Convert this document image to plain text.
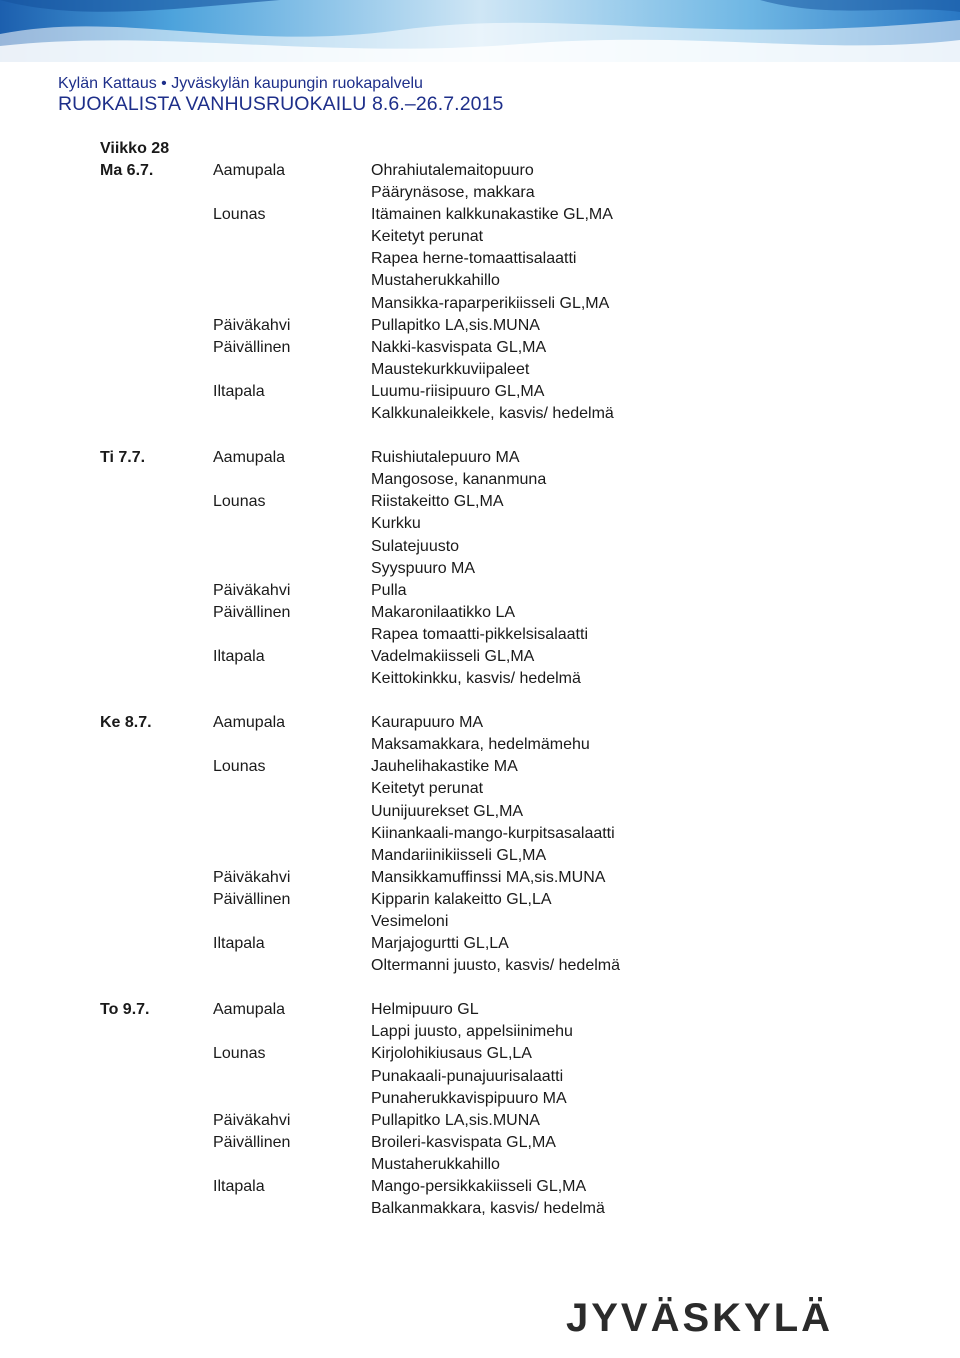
Kylän Kattaus • Jyväskylän kaupungin ruokapalvelu
RUOKALISTA VANHUSRUOKAILU 8.6.–26.7.2015
Viikko 28
Ma 6.7.	Aamupala	Ohrahiutalemaitopuuro
Päärynäsose, makkara
Lounas	Itämainen kalkkunakastike GL,MA
Keitetyt perunat
Rapea herne-tomaattisalaatti
Mustaherukkahillo
Mansikka-raparperikiisseli GL,MA
Päiväkahvi	Pullapitko LA,sis.MUNA
Päivällinen	Nakki-kasvispata GL,MA
Maustekurkkuviipaleet
Iltapala	Luumu-riisipuuro GL,MA
Kalkkunaleikkele, kasvis/ hedelmä
Ti 7.7.	Aamupala	Ruishiutalepuuro MA
Mangosose, kananmuna
Lounas	Riistakeitto GL,MA
Kurkku
Sulatejuusto
Syyspuuro MA
Päiväkahvi	Pulla
Päivällinen	Makaronilaatikko LA
Rapea tomaatti-pikkelsisalaatti
Iltapala	Vadelmakiisseli GL,MA
Keittokinkku, kasvis/ hedelmä
Ke 8.7.	Aamupala	Kaurapuuro MA
Maksamakkara, hedelmämehu
Lounas	Jauhelihakastike MA
Keitetyt perunat
Uunijuurekset GL,MA
Kiinankaali-mango-kurpitsasalaatti
Mandariinikiisseli GL,MA
Päiväkahvi	Mansikkamuffinssi MA,sis.MUNA
Päivällinen	Kipparin kalakeitto GL,LA
Vesimeloni
Iltapala	Marjajogurtti GL,LA
Oltermanni juusto, kasvis/ hedelmä
To 9.7.	Aamupala	Helmipuuro GL
Lappi juusto, appelsiinimehu
Lounas	Kirjolohikiusaus GL,LA
Punakaali-punajuurisalaatti
Punaherukkavispipuuro MA
Päiväkahvi	Pullapitko LA,sis.MUNA
Päivällinen	Broileri-kasvispata GL,MA
Mustaherukkahillo
Iltapala	Mango-persikkakiisseli GL,MA
Balkanmakkara, kasvis/ hedelmä
JYVÄSKYLÄ
